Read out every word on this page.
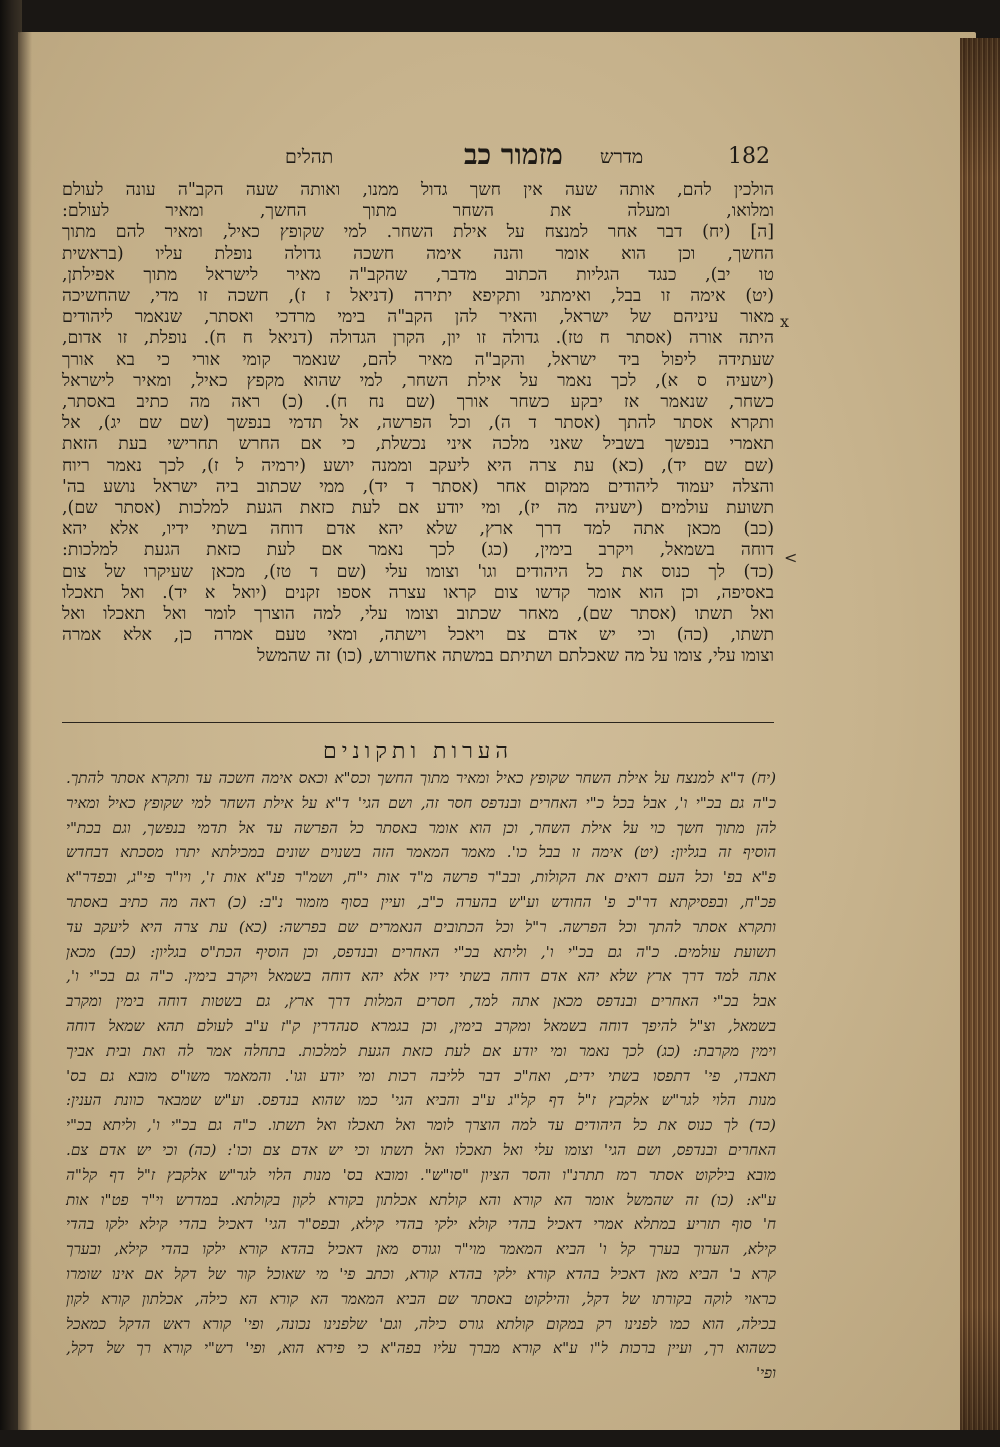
182
מדרש
מזמור כב
תהלים

הולכין להם, אותה שעה אין חשך גדול ממנו, ואותה שעה הקב"ה עונה לעולם

ומלואו, ומעלה את השחר מתוך החשך, ומאיר לעולם:

[ה] (יח) דבר אחר למנצח על אילת השחר. למי שקופץ כאיל, ומאיר להם מתוך

החשך, וכן הוא אומר והנה אימה חשכה גדולה נופלת עליו (בראשית

טו יב), כנגד הגליות הכתוב מדבר, שהקב"ה מאיר לישראל מתוך אפילתן,

(יט) אימה זו בבל, ואימתני ותקיפא יתירה (דניאל ז ז), חשכה זו מדי, שהחשיכה

מאור עיניהם של ישראל, והאיר להן הקב"ה בימי מרדכי ואסתר, שנאמר ליהודים

היתה אורה (אסתר ח טז). גדולה זו יון, הקרן הגדולה (דניאל ח ח). נופלת, זו אדום,

שעתידה ליפול ביד ישראל, והקב"ה מאיר להם, שנאמר קומי אורי כי בא אורך

(ישעיה ס א), לכך נאמר על אילת השחר, למי שהוא מקפץ כאיל, ומאיר לישראל

כשחר, שנאמר אז יבקע כשחר אורך (שם נח ח). (כ) ראה מה כתיב באסתר,

ותקרא אסתר להתך (אסתר ד ה), וכל הפרשה, אל תדמי בנפשך (שם שם יג), אל

תאמרי בנפשך בשביל שאני מלכה איני נכשלת, כי אם החרש תחרישי בעת הזאת

(שם שם יד), (כא) עת צרה היא ליעקב וממנה יושע (ירמיה ל ז), לכך נאמר ריוח

והצלה יעמוד ליהודים ממקום אחר (אסתר ד יד), ממי שכתוב ביה ישראל נושע בה'

תשועת עולמים (ישעיה מה יז), ומי יודע אם לעת כזאת הגעת למלכות (אסתר שם),

(כב) מכאן אתה למד דרך ארץ, שלא יהא אדם דוחה בשתי ידיו, אלא יהא

דוחה בשמאל, ויקרב בימין, (כג) לכך נאמר אם לעת כזאת הגעת למלכות:

(כד) לך כנוס את כל היהודים וגו' וצומו עלי (שם ד טז), מכאן שעיקרו של צום

באסיפה, וכן הוא אומר קדשו צום קראו עצרה אספו זקנים (יואל א יד). ואל תאכלו

ואל תשתו (אסתר שם), מאחר שכתוב וצומו עלי, למה הוצרך לומר ואל תאכלו ואל

תשתו, (כה) וכי יש אדם צם ויאכל וישתה, ומאי טעם אמרה כן, אלא אמרה

וצומו עלי, צומו על מה שאכלתם ושתיתם במשתה אחשורוש, (כו) זה שהמשל

x
<
הערות ותקונים

(יח) ד"א למנצח על אילת השחר שקופץ כאיל ומאיר מתוך החשך וכס"א וכאס אימה חשכה עד ותקרא אסתר להתך.

כ"ה גם בכ"י ו', אבל בכל כ"י האחרים ובנדפס חסר זה, ושם הגי' ד"א על אילת השחר למי שקופץ כאיל ומאיר

להן מתוך חשך כוי על אילת השחר, וכן הוא אומר באסתר כל הפרשה עד אל תדמי בנפשך, וגם בכת"י

הוסיף זה בגליון: (יט) אימה זו בבל כו'. מאמר המאמר הזה בשנוים שונים במכילתא יתרו מסכתא דבחדש

פ"א בפ' וכל העם רואים את הקולות, ובב"ר פרשה מ"ד אות י"ח, ושמ"ר פנ"א אות ז', ויו"ר פי"ג, ובפדר"א

פכ"ח, ובפסיקתא דר"כ פ' החודש וע"ש בהערה כ"ב, ועיין בסוף מזמור נ"ב: (כ) ראה מה כתיב באסתר

ותקרא אסתר להתך וכל הפרשה. ר"ל וכל הכתובים הנאמרים שם בפרשה: (כא) עת צרה היא ליעקב עד

תשועת עולמים. כ"ה גם בכ"י ו', וליתא בכ"י האחרים ובנדפס, וכן הוסיף הכת"ס בגליון: (כב) מכאן

אתה למד דרך ארץ שלא יהא אדם דוחה בשתי ידיו אלא יהא דוחה בשמאל ויקרב בימין. כ"ה גם בכ"י ו',

אבל בכ"י האחרים ובנדפס מכאן אתה למד, חסרים המלות דרך ארץ, גם בשטות דוחה בימין ומקרב

בשמאל, וצ"ל להיפך דוחה בשמאל ומקרב בימין, וכן בגמרא סנהדרין ק"ז ע"ב לעולם תהא שמאל דוחה

וימין מקרבת: (כג) לכך נאמר ומי יודע אם לעת כזאת הגעת למלכות. בתחלה אמר לה ואת ובית אביך

תאבדו, פי' דתפסו בשתי ידים, ואח"כ דבר לליבה רכות ומי יודע וגו'. והמאמר משו"ס מובא גם בס'

מנות הלוי לגר"ש אלקבץ ז"ל דף קל"ג ע"ב והביא הגי' כמו שהוא בנדפס. וע"ש שמבאר כוונת הענין:

(כד) לך כנוס את כל היהודים עד למה הוצרך לומר ואל תאכלו ואל תשתו. כ"ה גם בכ"י ו', וליתא בכ"י

האחרים ובנדפס, ושם הגי' וצומו עלי ואל תאכלו ואל תשתו וכי יש אדם צם וכו': (כה) וכי יש אדם צם.

מובא בילקוט אסתר רמז תתרנ"ו והסר הציון "סו"ש". ומובא בס' מנות הלוי לגר"ש אלקבץ ז"ל דף קל"ה

ע"א: (כו) זה שהמשל אומר הא קורא והא קולתא אכלתון בקורא לקון בקולתא. במדרש וי"ר פט"ו אות

ח' סוף תזריע במתלא אמרי דאכיל בהדי קולא ילקי בהדי קילא, ובפס"ר הגי' דאכיל בהדי קילא ילקו בהדי

קילא, הערוך בערך קל ו' הביא המאמר מוי"ר וגורס מאן דאכיל בהדא קורא ילקו בהדי קילא, ובערך

קרא ב' הביא מאן דאכיל בהדא קורא ילקי בהדא קורא, וכתב פי' מי שאוכל קור של דקל אם אינו שומרו

כראוי לוקה בקורתו של דקל, והילקוט באסתר שם הביא המאמר הא קורא הא כילה, אכלתון קורא לקון

בכילה, הוא כמו לפנינו רק במקום קולתא גורס כילה, וגם' שלפנינו נכונה, ופי' קורא ראש הדקל כמאכל

כשהוא רך, ועיין ברכות ל"ו ע"א קורא מברך עליו בפה"א כי פירא הוא, ופי' רש"י קורא רך של דקל,

ופי'
